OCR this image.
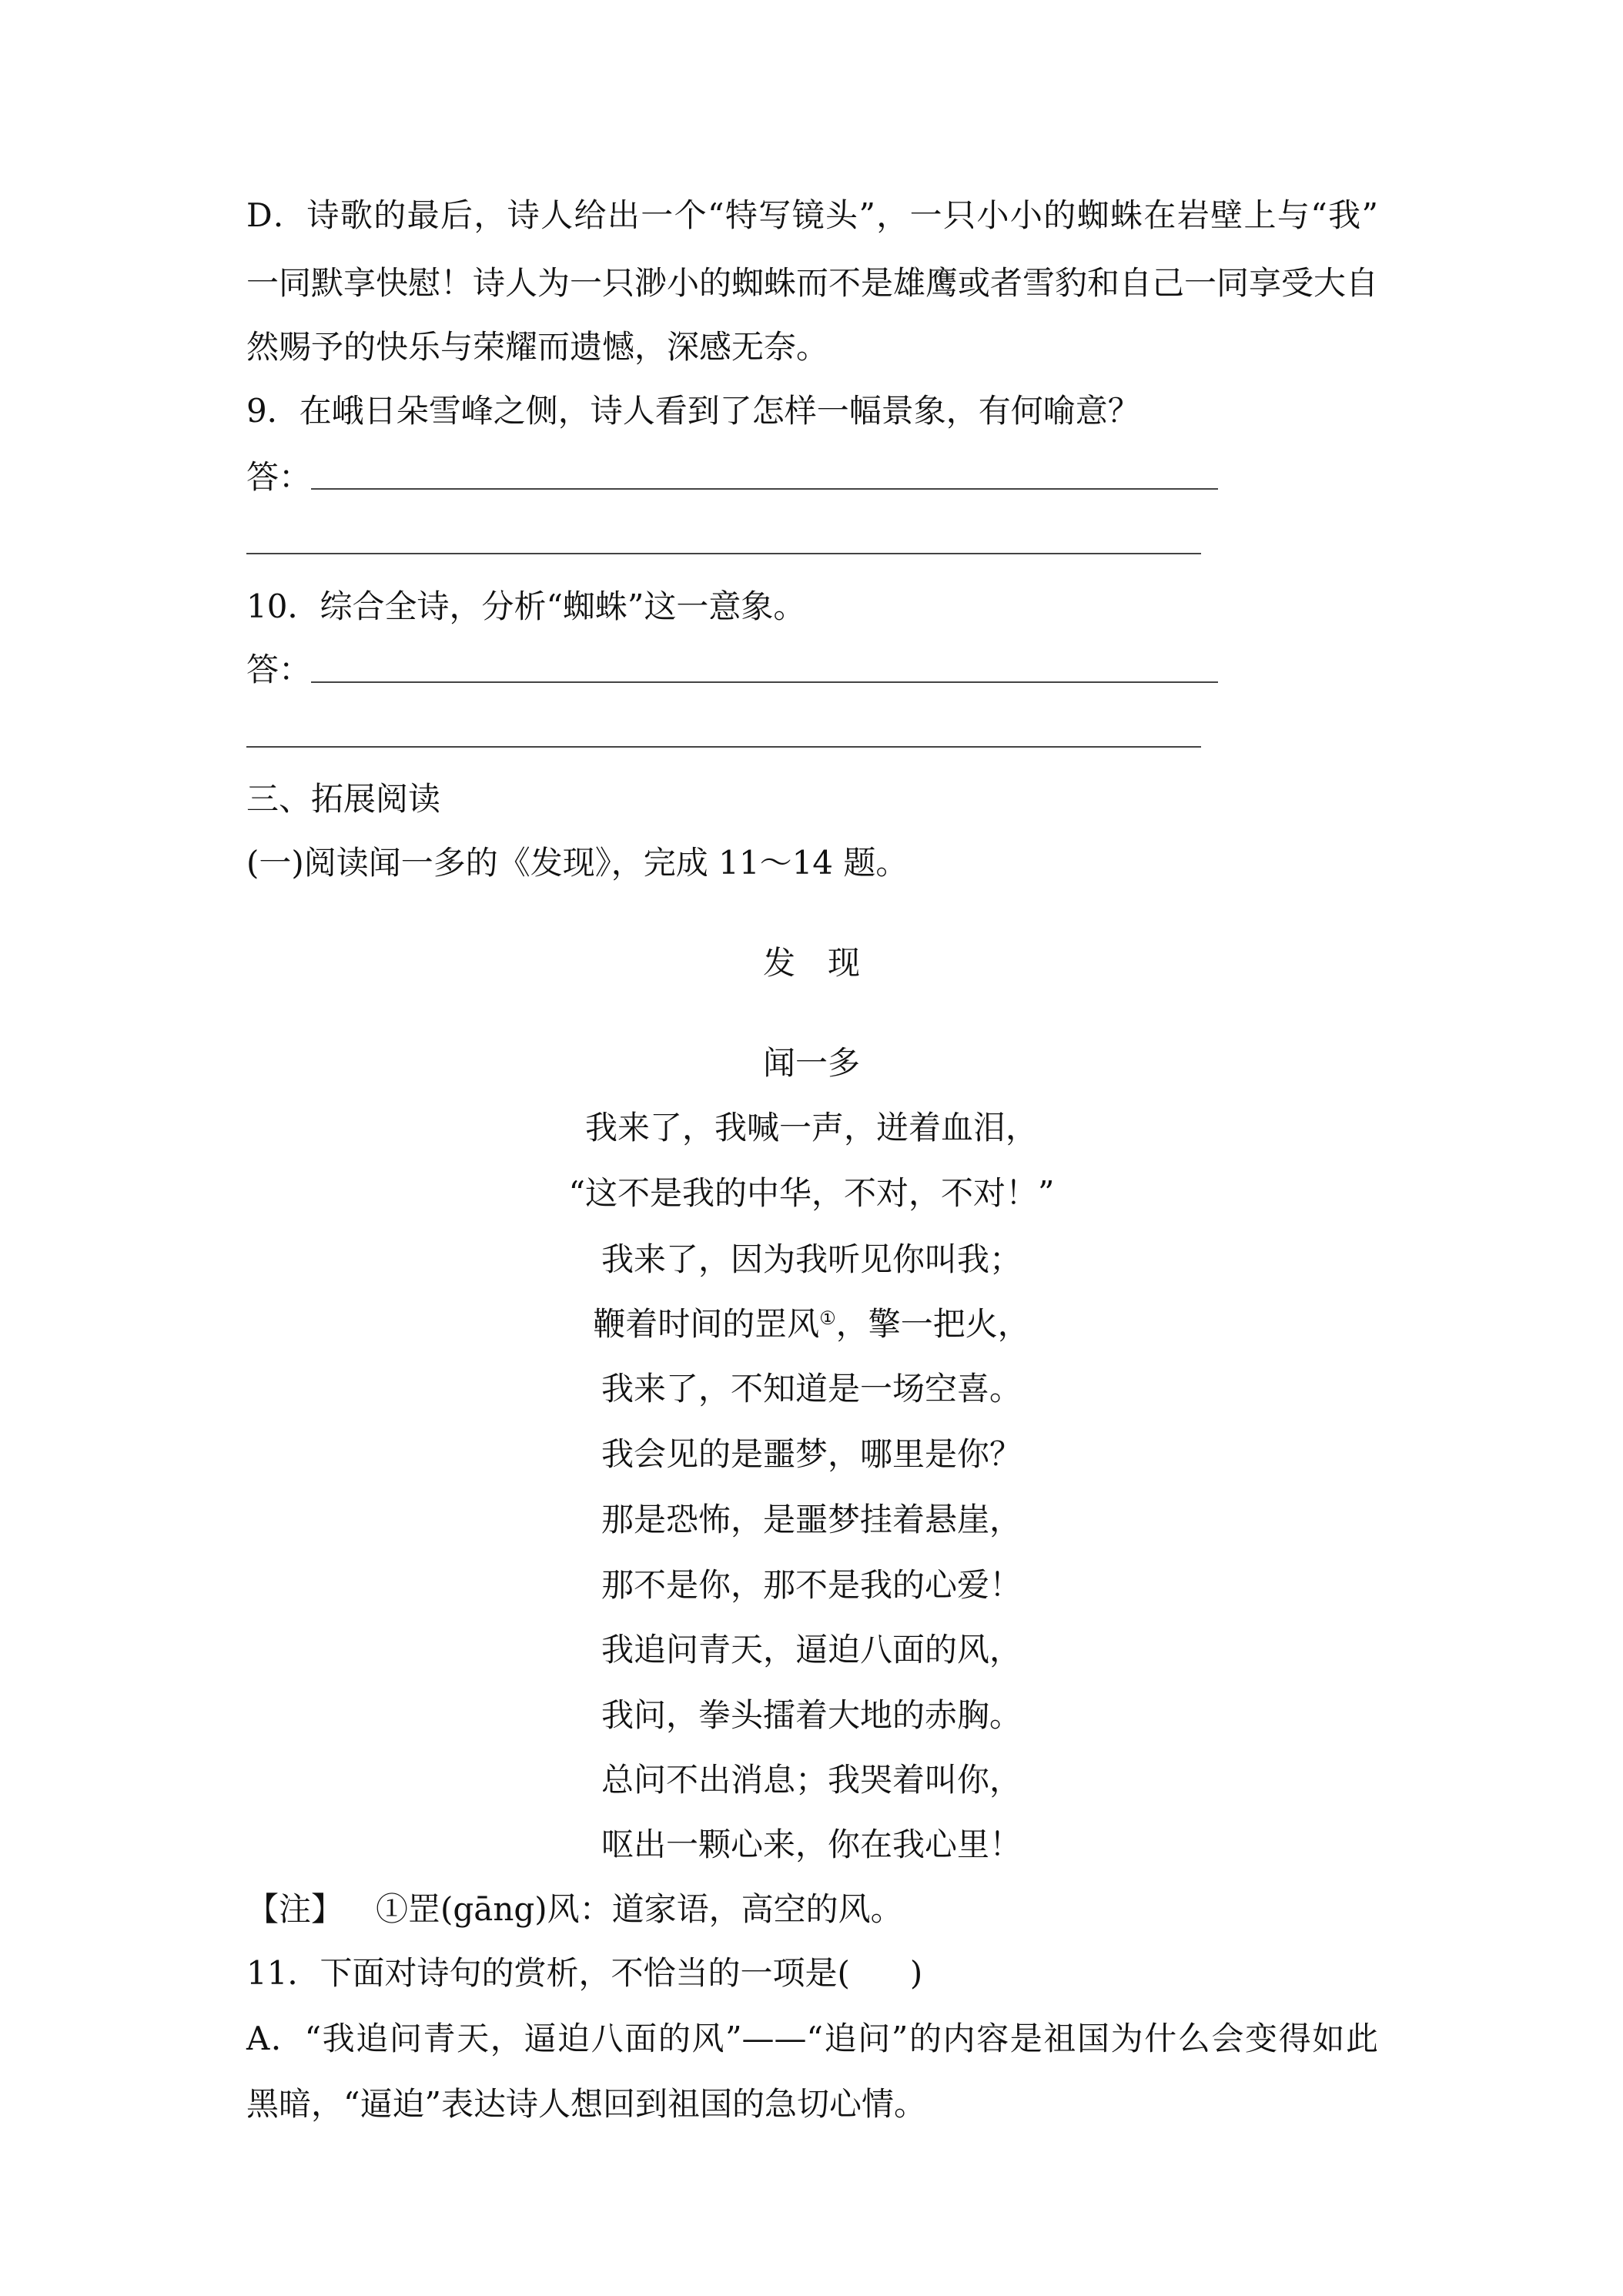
D．诗歌的最后，诗人给出一个“特写镜头”，一只小小的蜘蛛在岩壁上与“我”
一同默享快慰！诗人为一只渺小的蜘蛛而不是雄鹰或者雪豹和自己一同享受大自
然赐予的快乐与荣耀而遗憾，深感无奈。
9．在峨日朵雪峰之侧，诗人看到了怎样一幅景象，有何喻意？
答：
10．综合全诗，分析“蜘蛛”这一意象。
答：
三、拓展阅读
(一)阅读闻一多的《发现》，完成 11～14 题。
发　现
闻一多
我来了，我喊一声，迸着血泪，
“这不是我的中华，不对，不对！”
我来了，因为我听见你叫我；
鞭着时间的罡风①，擎一把火，
我来了，不知道是一场空喜。
我会见的是噩梦，哪里是你？
那是恐怖，是噩梦挂着悬崖，
那不是你，那不是我的心爱！
我追问青天，逼迫八面的风，
我问，拳头擂着大地的赤胸。
总问不出消息；我哭着叫你，
呕出一颗心来，你在我心里！
【注】 ①罡(gāng)风：道家语，高空的风。
11．下面对诗句的赏析，不恰当的一项是( )
A．“我追问青天，逼迫八面的风”——“追问”的内容是祖国为什么会变得如此
黑暗，“逼迫”表达诗人想回到祖国的急切心情。
